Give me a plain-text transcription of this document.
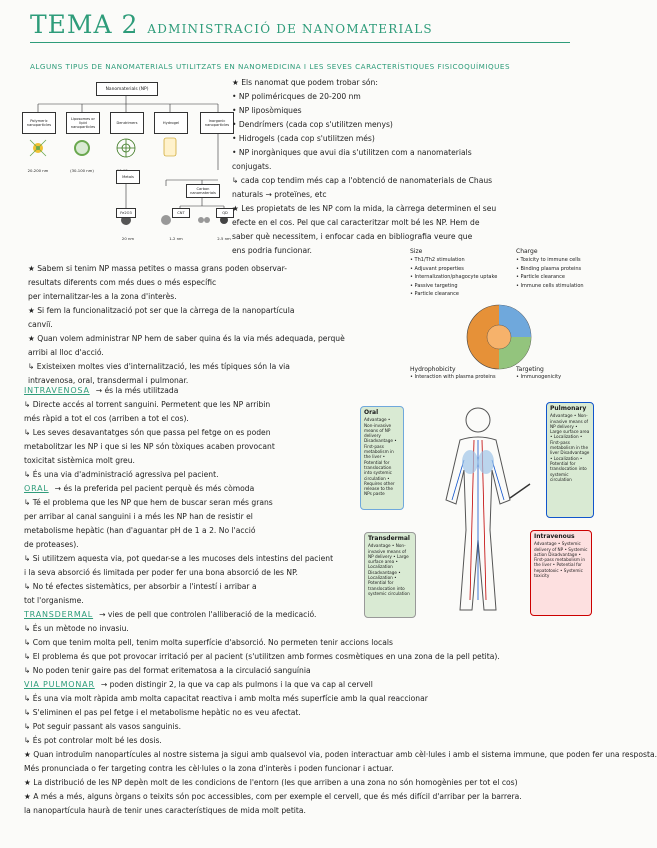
TEMA 2 ADMINISTRACIÓ DE NANOMATERIALS
ALGUNS TIPUS DE NANOMATERIALS UTILITZATS EN NANOMEDICINA I LES SEVES CARACTERÍSTIQUES FISICOQUÍMIQUES
Nanomaterials (NP)
Polymeric nanoparticles
Liposomes or lipid nanoparticles
Dendrimers	Hydrogel	Inorganic nanoparticles
20-200 nm	(30-100 nm)
Metals
Carbon nanomaterials
Fe2O3	CNT	QD
20 nm	1-2 nm	2-5 nm

★ Els nanomat que podem trobar són:

• NP poliméricques de 20-200 nm

• NP liposòmiques

• Dendrímers (cada cop s'utilitzen menys)

• Hidrogels (cada cop s'utilitzen més)

• NP inorgàniques que avui dia s'utilitzen com a nanomaterials

conjugats.

↳ cada cop tendim més cap a l'obtenció de nanomaterials de Chaus

naturals → proteïnes, etc

★ Les propietats de les NP com la mida, la càrrega determinen el seu

efecte en el cos. Pel que cal caracteritzar molt bé les NP. Hem de

saber què necessitem, i enfocar cada en bibliografia veure que

ens podria funcionar.	Size

• Th1/Th2 stimulation

• Adjuvant properties

• Internalization/phagocyte uptake

• Passive targeting

• Particle clearance

Charge

• Toxicity to immune cells

• Binding plasma proteins

• Particle clearance

• Immune cells stimulation

Hydrophobicity

• Interaction with plasma proteins

Targeting

• Immunogenicity

★ Sabem si tenim NP massa petites o massa grans poden observar-

resultats diferents com més dues o més específic

per internalitzar-les a la zona d'interès.

★ Si fem la funcionalització pot ser que la càrrega de la nanopartícula

canviï.

★ Quan volem administrar NP hem de saber quina és la via més adequada, perquè

arribi al lloc d'acció.

↳ Existeixen moltes vies d'internalització, les més típiques són la via

intravenosa, oral, transdermal i pulmonar.

Oral
Advantage • Non-invasive means of NP delivery Disadvantage • First-pass metabolism in the liver • Potential for translocation into systemic circulation • Requires other release to the NPs paste
Pulmonary
Advantage • Non-invasive means of NP delivery • Large surface area • Localization • First-pass metabolism in the liver Disadvantage • Localization • Potential for translocation into systemic circulation
Transdermal
Advantage • Non-invasive means of NP delivery • Large surface area • Localization Disadvantage • Localization • Potential for translocation into systemic circulation
Intravenous
Advantage • Systemic delivery of NP • Systemic action Disadvantage • First-pass metabolism in the liver • Potential for hepatotoxic • Systemic toxicity

INTRAVENOSA → és la més utilitzada

↳ Directe accés al torrent sanguini. Permetent que les NP arribin

més ràpid a tot el cos (arriben a tot el cos).

↳ Les seves desavantatges són que passa pel fetge on es poden

metabolitzar les NP i que si les NP són tòxiques acaben provocant

toxicitat sistèmica molt greu.

↳ És una via d'administració agressiva pel pacient.

ORAL → és la preferida pel pacient perquè és més còmoda

↳ Té el problema que les NP que hem de buscar seran més grans

per arribar al canal sanguini i a més les NP han de resistir el

metabolisme hepàtic (han d'aguantar pH de 1 a 2. No l'acció

de proteases).

↳ Si utilitzem aquesta via, pot quedar-se a les mucoses dels intestins del pacient

i la seva absorció és limitada per poder fer una bona absorció de les NP.

↳ No té efectes sistemàtics, per absorbir a l'intestí i arribar a

tot l'organisme.

TRANSDERMAL → vies de pell que controlen l'alliberació de la medicació.

↳ És un mètode no invasiu.

↳ Com que tenim molta pell, tenim molta superfície d'absorció. No permeten tenir accions locals

↳ El problema és que pot provocar irritació per al pacient (s'utilitzen amb formes cosmètiques en una zona de la pell petita).

↳ No poden tenir gaire pas del format eritematosa a la circulació sanguínia

VIA PULMONAR → poden distingir 2, la que va cap als pulmons i la que va cap al cervell

↳ És una via molt ràpida amb molta capacitat reactiva i amb molta més superfície amb la qual reaccionar

↳ S'eliminen el pas pel fetge i el metabolisme hepàtic no es veu afectat.

↳ Pot seguir passant als vasos sanguinis.

↳ És pot controlar molt bé les dosis.

★ Quan introduïm nanopartícules al nostre sistema ja sigui amb qualsevol via, poden interactuar amb cèl·lules i amb el sistema immune, que poden fer una resposta.

Més pronunciada o fer targeting contra les cèl·lules o la zona d'interès i poden funcionar i actuar.

★ La distribució de les NP depèn molt de les condicions de l'entorn (les que arriben a una zona no són homogènies per tot el cos)

★ A més a més, alguns òrgans o teixits són poc accessibles, com per exemple el cervell, que és més difícil d'arribar per la barrera.

la nanopartícula haurà de tenir unes característiques de mida molt petita.
